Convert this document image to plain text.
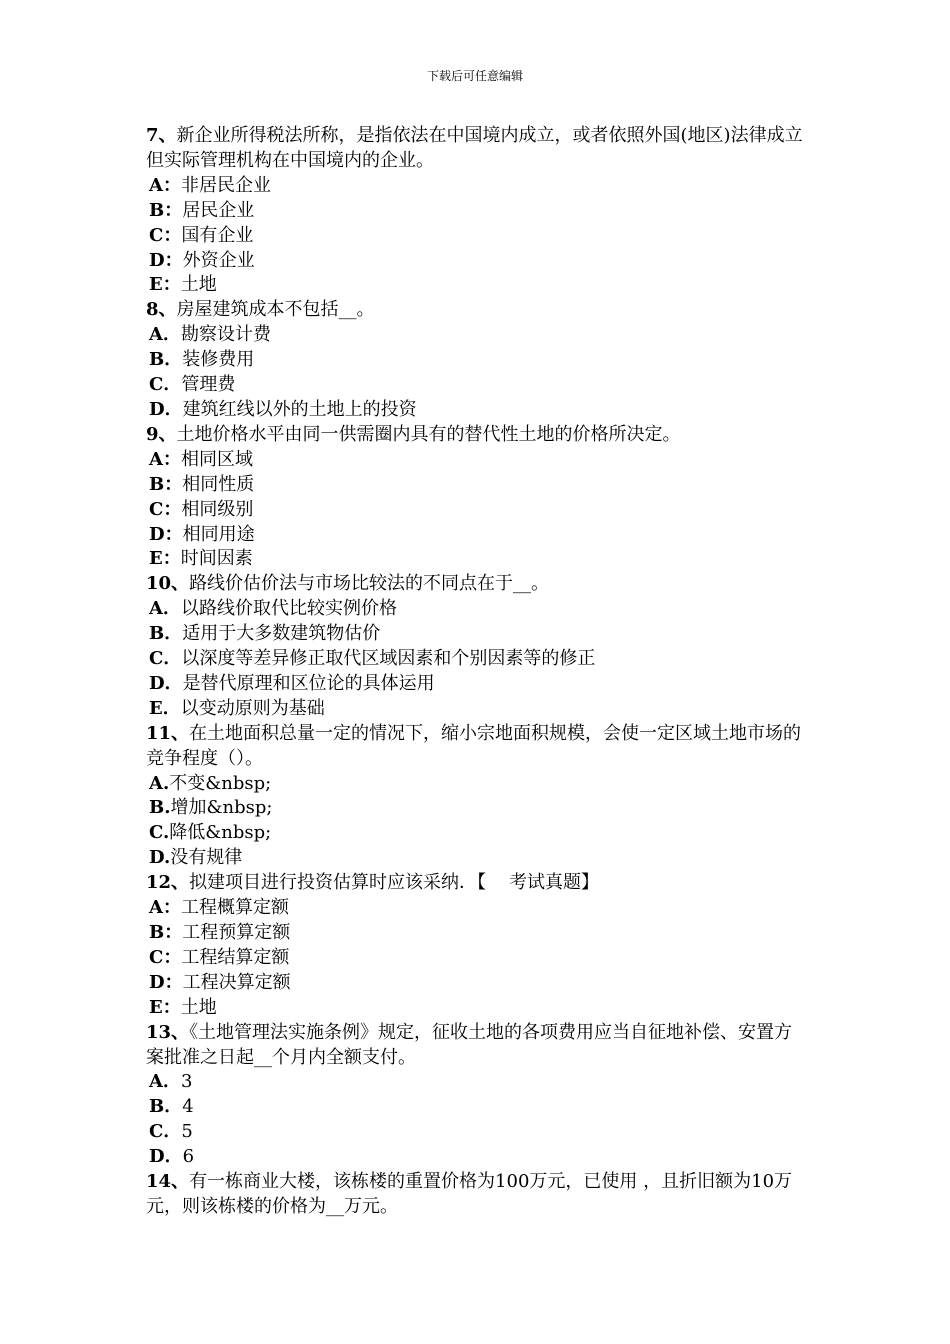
下载后可任意编辑

7、新企业所得税法所称，是指依法在中国境内成立，或者依照外国(地区)法律成立但实际管理机构在中国境内的企业。

A：非居民企业

B：居民企业

C：国有企业

D：外资企业

E：土地

8、房屋建筑成本不包括__。

A．勘察设计费

B．装修费用

C．管理费

D．建筑红线以外的土地上的投资

9、土地价格水平由同一供需圈内具有的替代性土地的价格所决定。

A：相同区域

B：相同性质

C：相同级别

D：相同用途

E：时间因素

10、路线价估价法与市场比较法的不同点在于__。

A．以路线价取代比较实例价格

B．适用于大多数建筑物估价

C．以深度等差异修正取代区域因素和个别因素等的修正

D．是替代原理和区位论的具体运用

E．以变动原则为基础

11、在土地面积总量一定的情况下，缩小宗地面积规模，会使一定区域土地市场的竞争程度（）。

A.不变&nbsp;

B.增加&nbsp;

C.降低&nbsp;

D.没有规律

12、拟建项目进行投资估算时应该采纳．【    考试真题】

A：工程概算定额

B：工程预算定额

C：工程结算定额

D：工程决算定额

E：土地

13、《土地管理法实施条例》规定，征收土地的各项费用应当自征地补偿、安置方案批准之日起__个月内全额支付。

A．3

B．4

C．5

D．6

14、有一栋商业大楼，该栋楼的重置价格为100万元，已使用 ，且折旧额为10万元，则该栋楼的价格为__万元。
